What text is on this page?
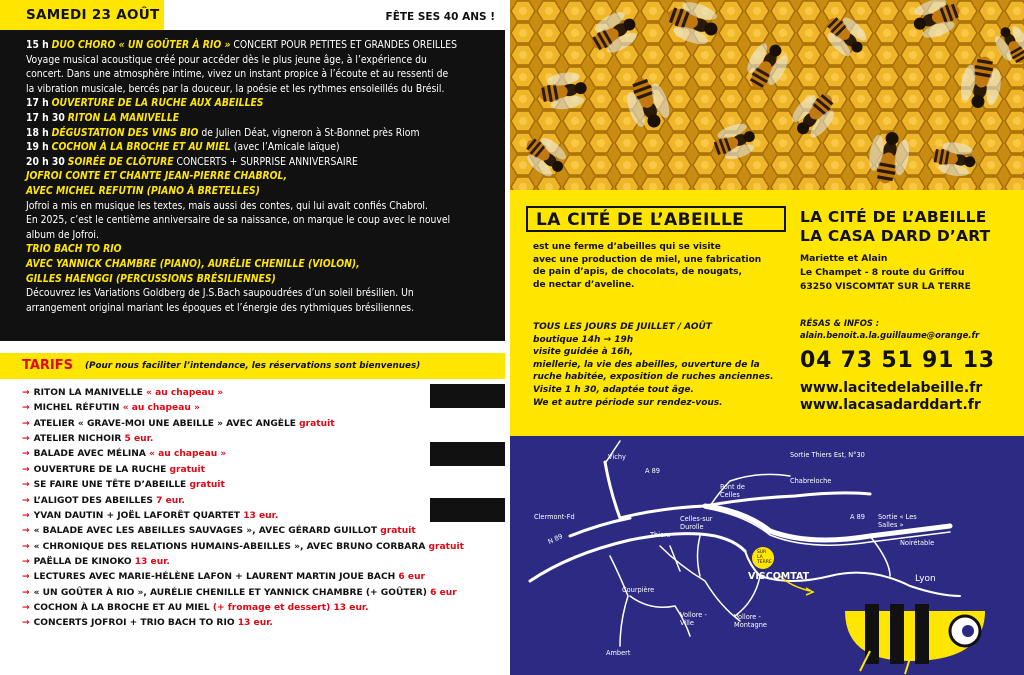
SAMEDI 23 AOÛT	FÊTE SES 40 ANS !
15 h DUO CHORO « UN GOÛTER À RIO » CONCERT POUR PETITES ET GRANDES OREILLES
Voyage musical acoustique créé pour accéder dès le plus jeune âge, à l’expérience du
concert. Dans une atmosphère intime, vivez un instant propice à l’écoute et au ressenti de
la vibration musicale, bercés par la douceur, la poésie et les rythmes ensoleillés du Brésil.
17 h OUVERTURE DE LA RUCHE AUX ABEILLES
17 h 30 RITON LA MANIVELLE
18 h DÉGUSTATION DES VINS BIO de Julien Déat, vigneron à St-Bonnet près Riom
19 h COCHON À LA BROCHE ET AU MIEL (avec l’Amicale laïque)
20 h 30 SOIRÉE DE CLÔTURE CONCERTS + SURPRISE ANNIVERSAIRE
JOFROI CONTE ET CHANTE JEAN-PIERRE CHABROL,
AVEC MICHEL REFUTIN (PIANO À BRETELLES)
Jofroi a mis en musique les textes, mais aussi des contes, qui lui avait confiés Chabrol.
En 2025, c’est le centième anniversaire de sa naissance, on marque le coup avec le nouvel
album de Jofroi.
TRIO BACH TO RIO
AVEC YANNICK CHAMBRE (PIANO), AURÉLIE CHENILLE (VIOLON),
GILLES HAENGGI (PERCUSSIONS BRÉSILIENNES)
Découvrez les Variations Goldberg de J.S.Bach saupoudrées d’un soleil brésilien. Un
arrangement original mariant les époques et l’énergie des rythmiques brésiliennes.
TARIFS (Pour nous faciliter l’intendance, les réservations sont bienvenues)
→ RITON LA MANIVELLE « au chapeau »
→ MICHEL RÉFUTIN « au chapeau »
→ ATELIER « GRAVE-MOI UNE ABEILLE » AVEC ANGÈLE gratuit
→ ATELIER NICHOIR 5 eur.
→ BALADE AVEC MÉLINA « au chapeau »
→ OUVERTURE DE LA RUCHE gratuit
→ SE FAIRE UNE TÊTE D’ABEILLE gratuit
→ L’ALIGOT DES ABEILLES 7 eur.
→ YVAN DAUTIN + JOËL LAFORÊT QUARTET 13 eur.
→ « BALADE AVEC LES ABEILLES SAUVAGES », AVEC GÉRARD GUILLOT gratuit
→ « CHRONIQUE DES RELATIONS HUMAINS-ABEILLES », AVEC BRUNO CORBARA gratuit
→ PAËLLA DE KINOKO 13 eur.
→ LECTURES AVEC MARIE-HÉLÈNE LAFON + LAURENT MARTIN JOUE BACH 6 eur
→ « UN GOÛTER À RIO », AURÉLIE CHENILLE ET YANNICK CHAMBRE (+ GOÛTER) 6 eur
→ COCHON À LA BROCHE ET AU MIEL (+ fromage et dessert) 13 eur.
→ CONCERTS JOFROI + TRIO BACH TO RIO 13 eur.
LA CITÉ DE L’ABEILLE
est une ferme d’abeilles qui se visite
avec une production de miel, une fabrication
de pain d’apis, de chocolats, de nougats,
de nectar d’aveline.
TOUS LES JOURS DE JUILLET / AOÛT
boutique 14h → 19h
visite guidée à 16h,
miellerie, la vie des abeilles, ouverture de la
ruche habitée, exposition de ruches anciennes.
Visite 1 h 30, adaptée tout âge.
We et autre période sur rendez-vous.
LA CITÉ DE L’ABEILLE
LA CASA DARD D’ART
Mariette et Alain
Le Champet - 8 route du Griffou
63250 VISCOMTAT SUR LA TERRE
RÉSAS & INFOS :
alain.benoit.a.la.guillaume@orange.fr
04 73 51 91 13
www.lacitedelabeille.fr
www.lacasadarddart.fr
Vichy
A 89
Sortie Thiers Est, N°30
Clermont-Fd
Pont de Celles
Chabreloche
A 89 Sortie « Les Salles »
N 89
Celles-sur Durolle
Thiers
Noirétable
Lyon
SUR LA TERRE
VISCOMTAT
Courpière
Vollore -Ville
Vollore -Montagne
Ambert
